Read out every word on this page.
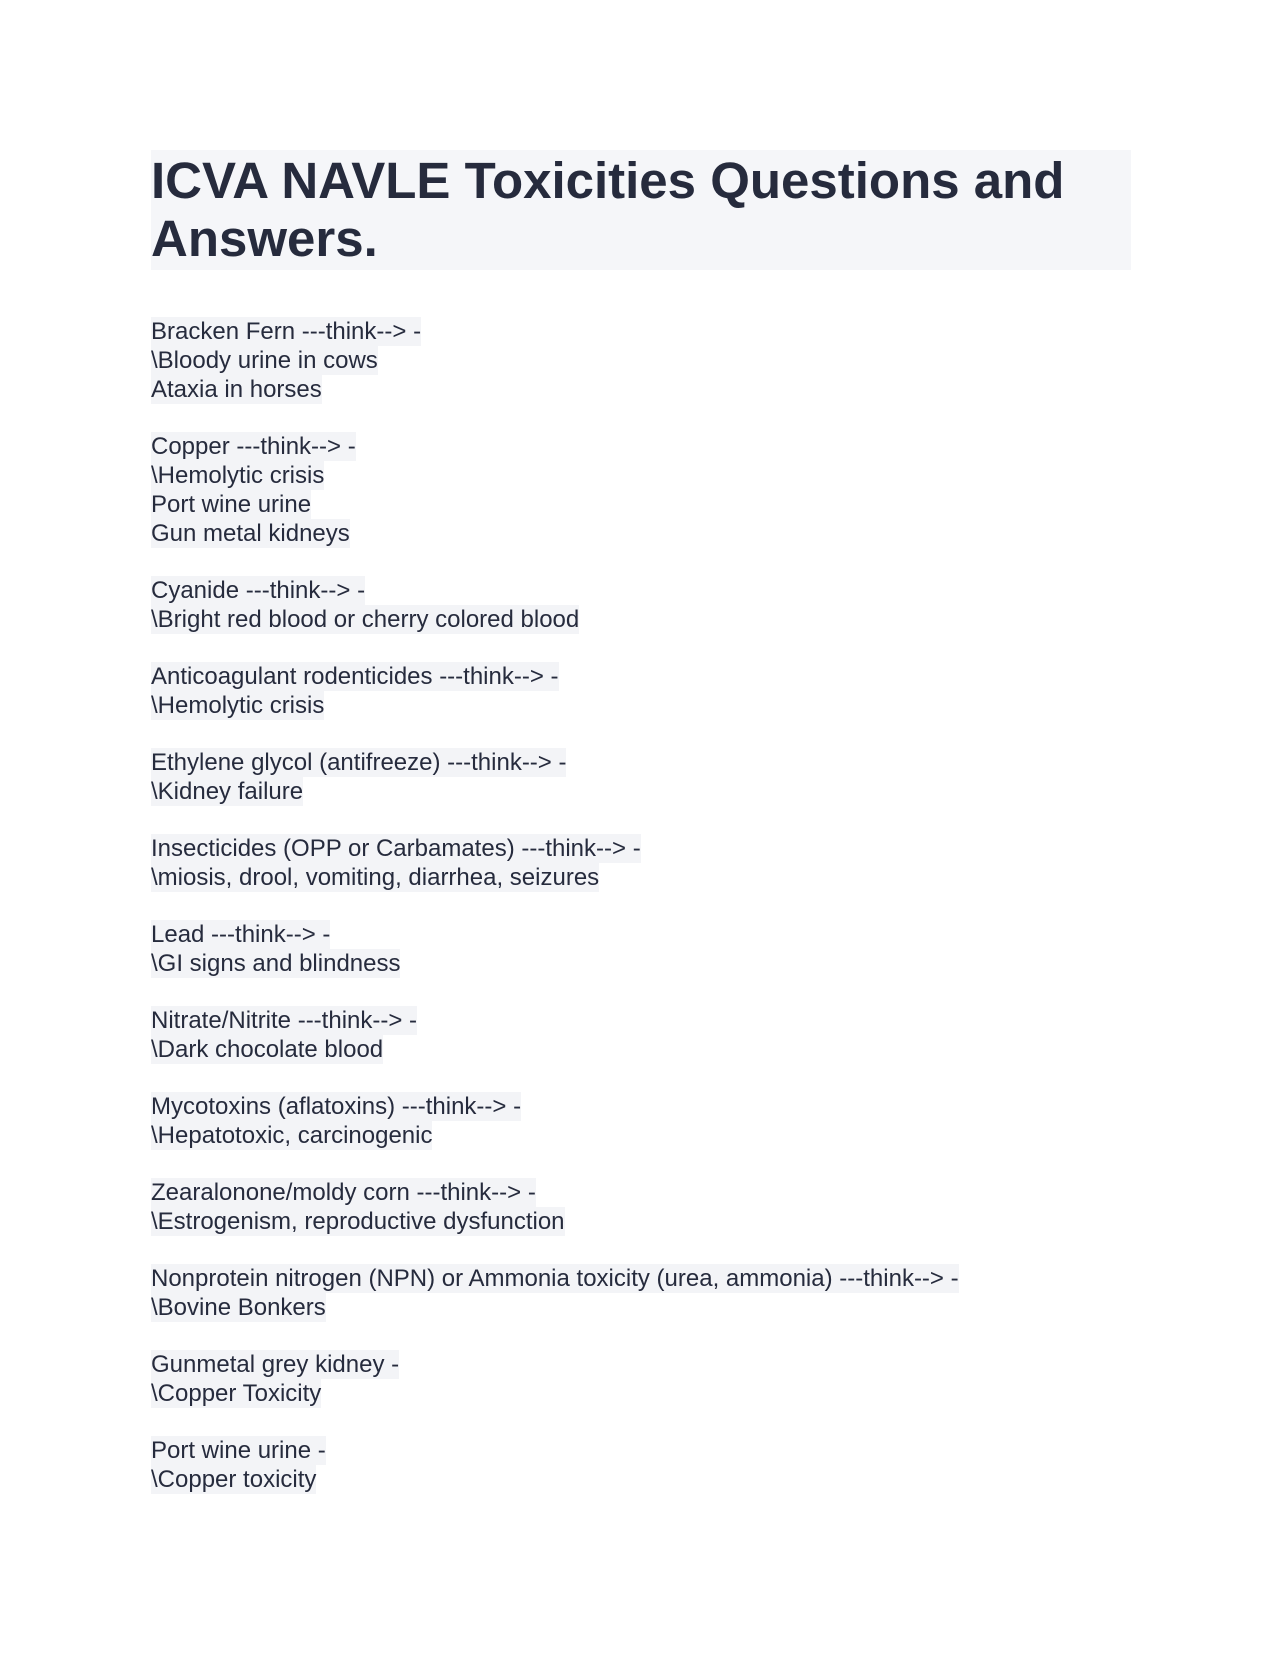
ICVA NAVLE Toxicities Questions and Answers.
Bracken Fern ---think--> -
\Bloody urine in cows
Ataxia in horses
Copper ---think--> -
\Hemolytic crisis
Port wine urine
Gun metal kidneys
Cyanide ---think--> -
\Bright red blood or cherry colored blood
Anticoagulant rodenticides ---think--> -
\Hemolytic crisis
Ethylene glycol (antifreeze) ---think--> -
\Kidney failure
Insecticides (OPP or Carbamates) ---think--> -
\miosis, drool, vomiting, diarrhea, seizures
Lead ---think--> -
\GI signs and blindness
Nitrate/Nitrite ---think--> -
\Dark chocolate blood
Mycotoxins (aflatoxins) ---think--> -
\Hepatotoxic, carcinogenic
Zearalonone/moldy corn ---think--> -
\Estrogenism, reproductive dysfunction
Nonprotein nitrogen (NPN) or Ammonia toxicity (urea, ammonia) ---think--> -
\Bovine Bonkers
Gunmetal grey kidney -
\Copper Toxicity
Port wine urine -
\Copper toxicity
